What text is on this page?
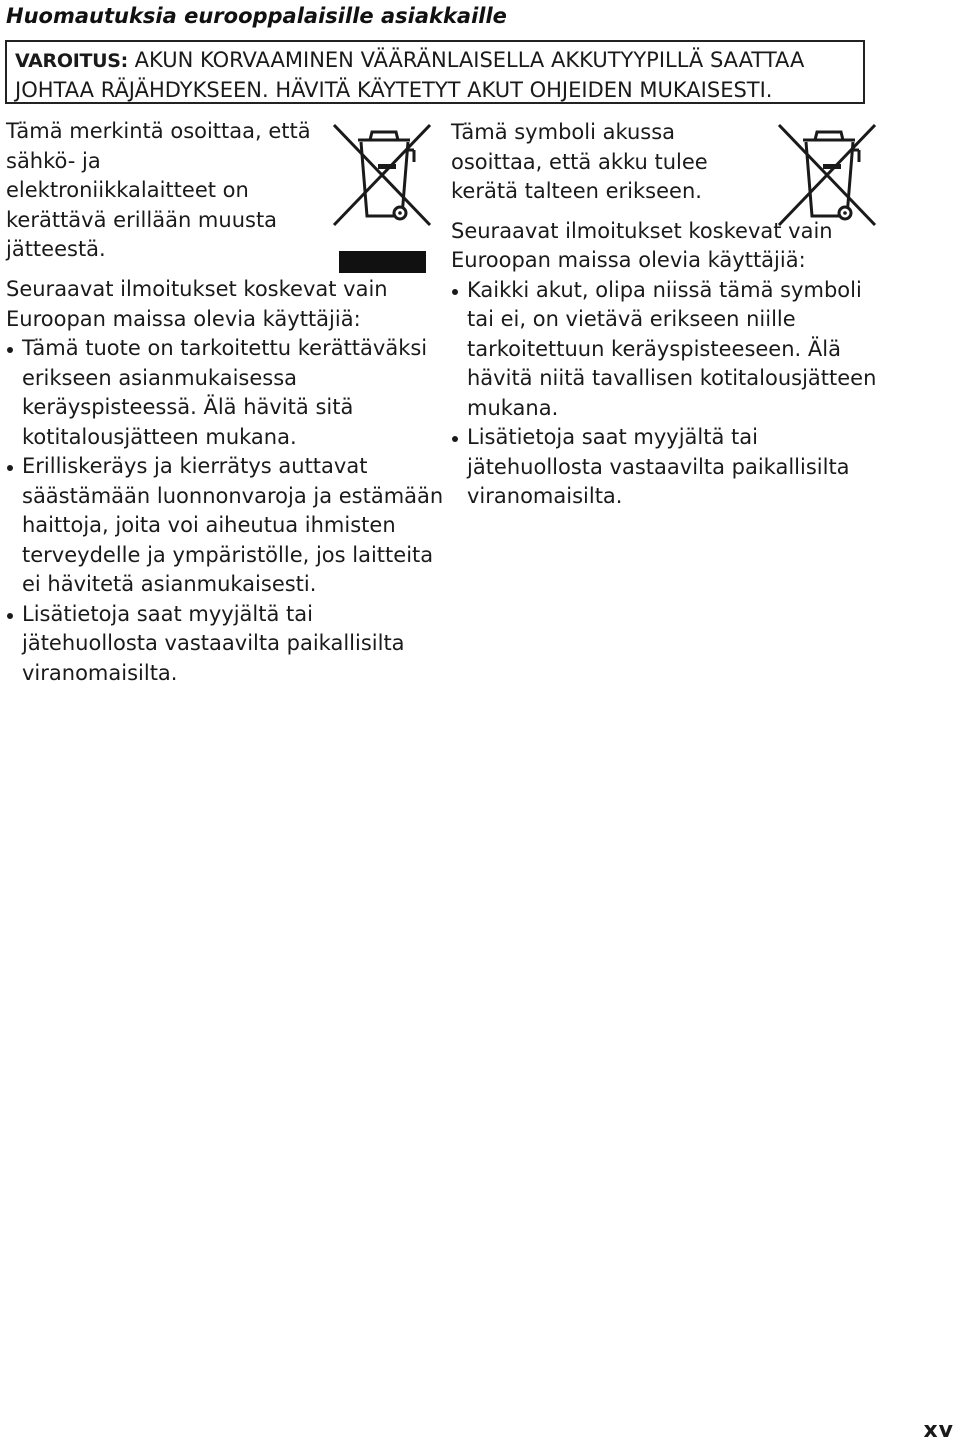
Huomautuksia eurooppalaisille asiakkaille
VAROITUS: AKUN KORVAAMINEN VÄÄRÄNLAISELLA AKKUTYYPILLÄ SAATTAA JOHTAA RÄJÄHDYKSEEN. HÄVITÄ KÄYTETYT AKUT OHJEIDEN MUKAISESTI.

Tämä merkintä osoittaa, että sähkö- ja elektroniikkalaitteet on kerättävä erillään muusta jätteestä.

Seuraavat ilmoitukset koskevat vain Euroopan maissa olevia käyttäjiä:

Tämä tuote on tarkoitettu kerättäväksi erikseen asianmukaisessa keräyspisteessä. Älä hävitä sitä kotitalousjätteen mukana.
Erilliskeräys ja kierrätys auttavat säästämään luonnonvaroja ja estämään haittoja, joita voi aiheutua ihmisten terveydelle ja ympäristölle, jos laitteita ei hävitetä asianmukaisesti.
Lisätietoja saat myyjältä tai jätehuollosta vastaavilta paikallisilta viranomaisilta.

Tämä symboli akussa osoittaa, että akku tulee kerätä talteen erikseen.

Seuraavat ilmoitukset koskevat vain Euroopan maissa olevia käyttäjiä:

Kaikki akut, olipa niissä tämä symboli tai ei, on vietävä erikseen niille tarkoitettuun keräyspisteeseen. Älä hävitä niitä tavallisen kotitalousjätteen mukana.
Lisätietoja saat myyjältä tai jätehuollosta vastaavilta paikallisilta viranomaisilta.
xv
